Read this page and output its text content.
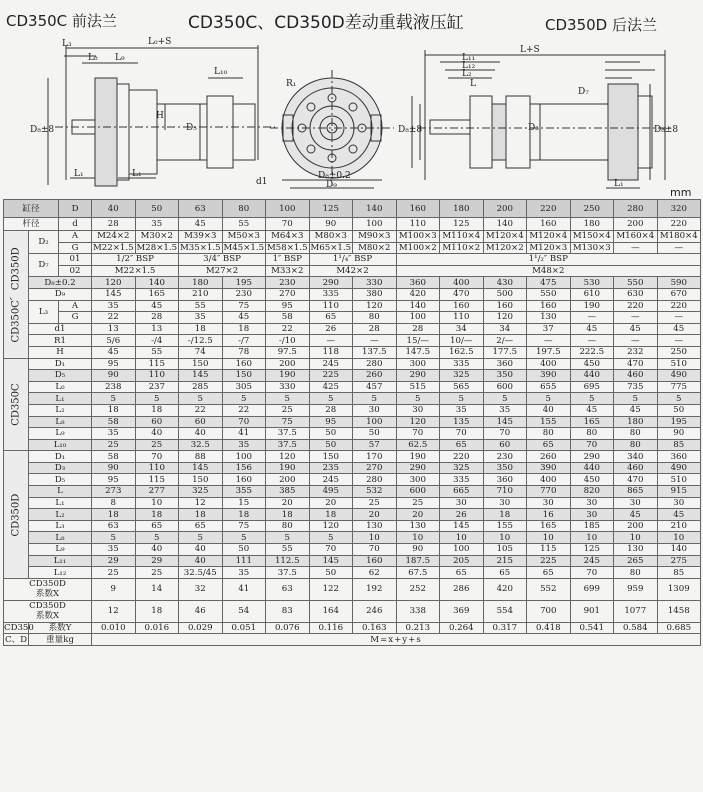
CD350C 前法兰	CD350C、CD350D差动重载液压缸	CD350D 后法兰
mm
L₃	L₀+S
L₈ L₉
L₁₀
H
D₅
D₈±8
L₁	L₁
R₁
d1
D₈±0.2
D₉
L+S
L₁₁
L₁₂
L₂
L
D₇
D₃
D₈±8	D₈±8
L₁
缸径		D	40	50	63	80	100	125	140	160	180	200	220	250	280	320
杆径		d	28	35	45	55	70	90	100	110	125	140	160	180	200	220
CD350C、CD350D	D₂	A	M24×2	M30×2	M39×3	M50×3	M64×3	M80×3	M90×3	M100×3	M110×4	M120×4	M120×4	M150×4	M160×4	M180×4
		G	M22×1.5	M28×1.5	M35×1.5	M45×1.5	M58×1.5	M65×1.5	M80×2	M100×2	M110×2	M120×2	M120×3	M130×3	—	—
	D₇	01	1/2″ BSP		3/4″ BSP		1″ BSP	1¹/₄″ BSP		1¹/₂″ BSP						
		02	M22×1.5		M27×2		M33×2	M42×2		M48×2						
	D₈±0.2		120	140	180	195	230	290	330	360	400	430	475	530	550	590
	D₉		145	165	210	230	270	335	380	420	470	500	550	610	630	670
	L₃	A	35	45	55	75	95	110	120	140	160	160	160	190	220	220
		G	22	28	35	45	58	65	80	100	110	120	130	—	—	—
	d1		13	13	18	18	22	26	28	28	34	34	37	45	45	45
	R1		5/6	-/4	-/12.5	-/7	-/10	—	—	15/—	10/—	2/—	—	—	—	—
	H		45	55	74	78	97.5	118	137.5	147.5	162.5	177.5	197.5	222.5	232	250
CD350C	D₁		95	115	150	160	200	245	280	300	335	360	400	450	470	510
	D₅		90	110	145	150	190	225	260	290	325	350	390	440	460	490
	L₀		238	237	285	305	330	425	457	515	565	600	655	695	735	775
	L₁		5	5	5	5	5	5	5	5	5	5	5	5	5	5
	L₂		18	18	22	22	25	28	30	30	35	35	40	45	45	50
	L₈		58	60	60	70	75	95	100	120	135	145	155	165	180	195
	L₉		35	40	40	41	37.5	50	50	70	70	70	80	80	80	90
	L₁₀		25	25	32.5	35	37.5	50	57	62.5	65	60	65	70	80	85
CD350D	D₁		58	70	88	100	120	150	170	190	220	230	260	290	340	360
	D₃		90	110	145	156	190	235	270	290	325	350	390	440	460	490
	D₅		95	115	150	160	200	245	280	300	335	360	400	450	470	510
	L		273	277	325	355	385	495	532	600	665	710	770	820	865	915
	L₁		8	10	12	15	20	20	25	25	30	30	30	30	30	30
	L₂		18	18	18	18	18	18	20	20	26	18	16	30	45	45
	L₃		63	65	65	75	80	120	130	130	145	155	165	185	200	210
	L₈		5	5	5	5	5	5	10	10	10	10	10	10	10	10
	L₉		35	40	40	50	55	70	70	90	100	105	115	125	130	140
	L₁₁		29	29	40	111	112.5	145	160	187.5	205	215	225	245	265	275
	L₁₂		25	25	32.5/45	35	37.5	50	62	67.5	65	65	65	70	80	85

CD350D
系数X			9	14	32	41	63	122	192	252	286	420	552	699	959	1309

CD350D
系数X			12	18	46	54	83	164	246	338	369	554	700	901	1077	1458
CD350	系数Y		0.010	0.016	0.029	0.051	0.076	0.116	0.163	0.213	0.264	0.317	0.418	0.541	0.584	0.685
C、D	重量kg		M=x+y+s													
